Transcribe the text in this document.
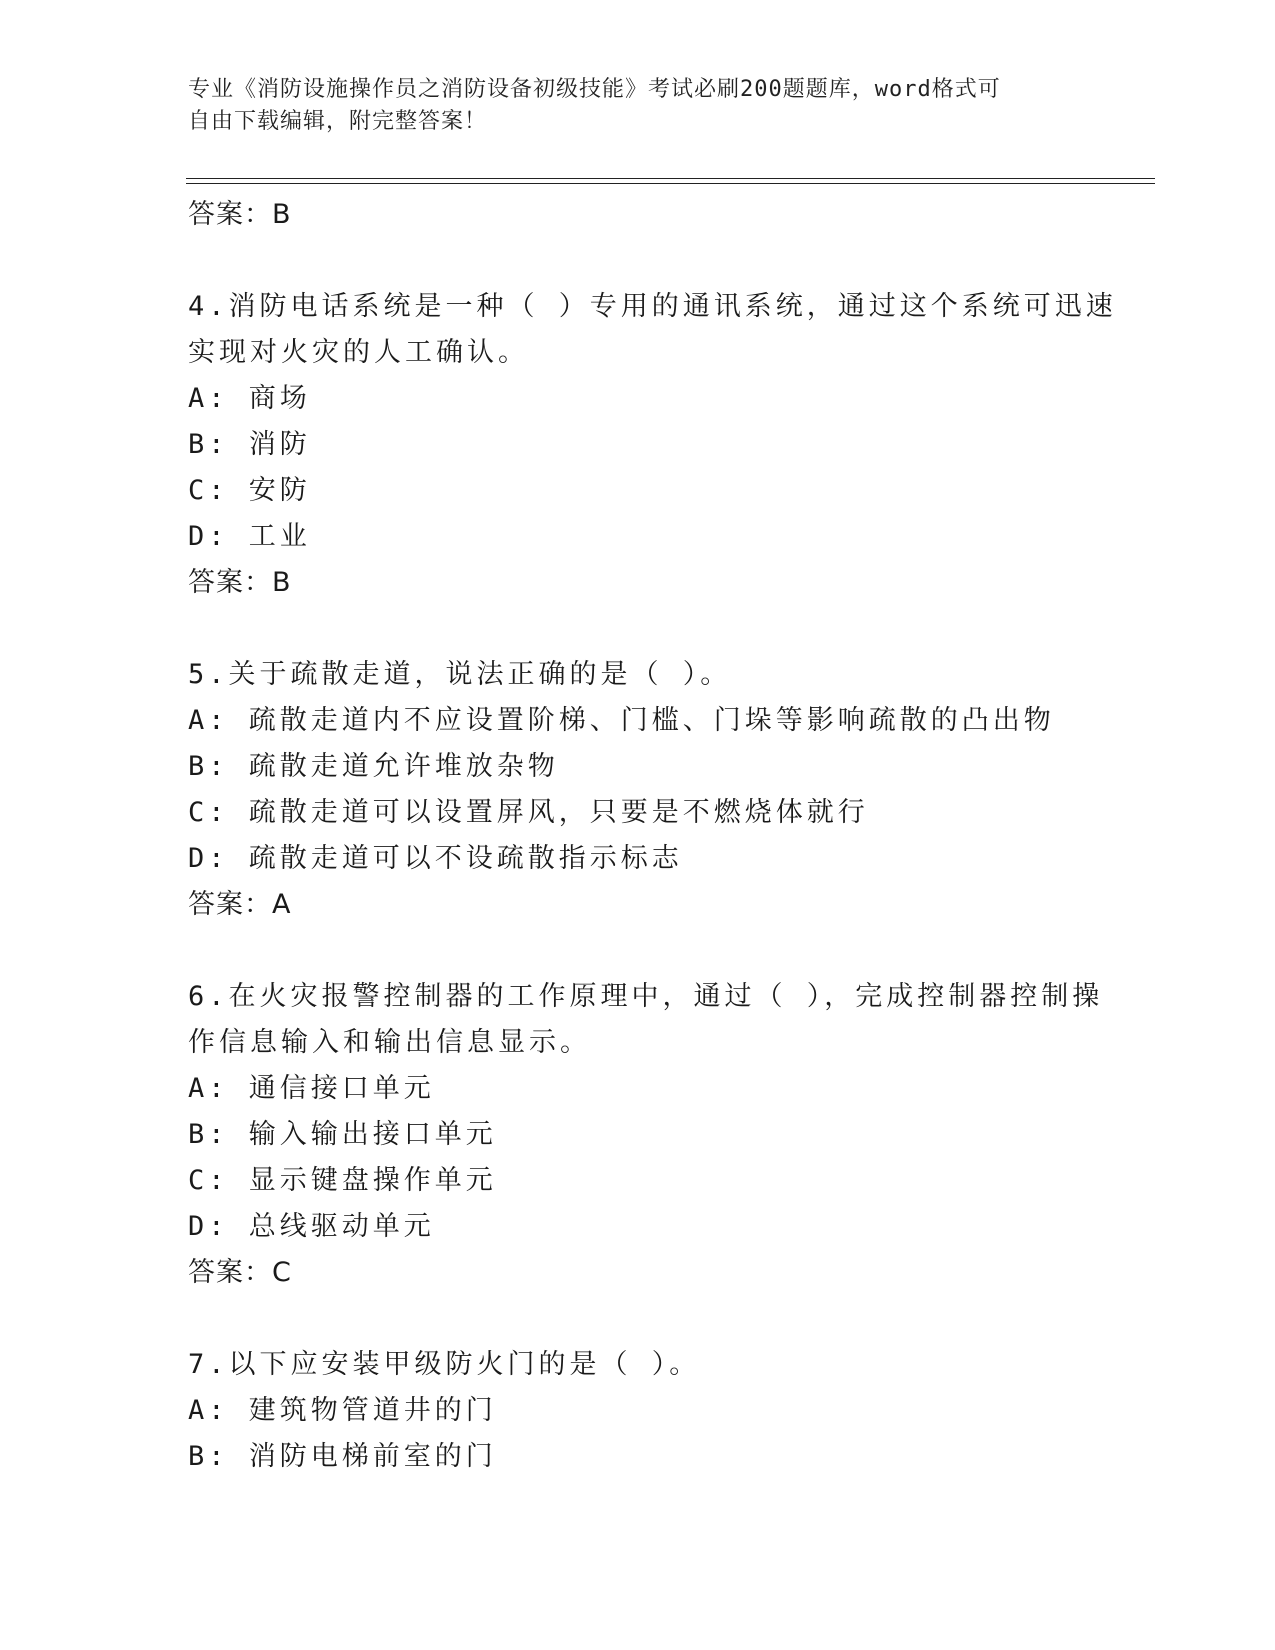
专业《消防设施操作员之消防设备初级技能》考试必刷200题题库，word格式可
自由下载编辑，附完整答案！
答案：B
4.消防电话系统是一种（ ）专用的通讯系统，通过这个系统可迅速
实现对火灾的人工确认。
A: 商场
B: 消防
C: 安防
D: 工业
答案：B
5.关于疏散走道，说法正确的是（ ）。
A: 疏散走道内不应设置阶梯、门槛、门垛等影响疏散的凸出物
B: 疏散走道允许堆放杂物
C: 疏散走道可以设置屏风，只要是不燃烧体就行
D: 疏散走道可以不设疏散指示标志
答案：A
6.在火灾报警控制器的工作原理中，通过（ ），完成控制器控制操
作信息输入和输出信息显示。
A: 通信接口单元
B: 输入输出接口单元
C: 显示键盘操作单元
D: 总线驱动单元
答案：C
7.以下应安装甲级防火门的是（ ）。
A: 建筑物管道井的门
B: 消防电梯前室的门
